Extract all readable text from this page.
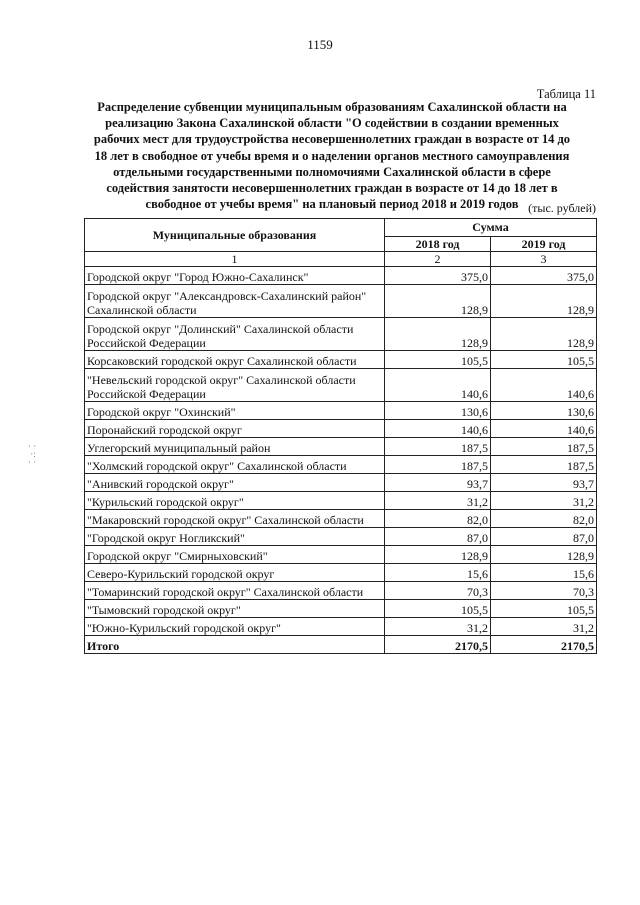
1159
Таблица 11

Распределение субвенции муниципальным образованиям Сахалинской области на реализацию Закона Сахалинской области "О содействии в создании временных рабочих мест для трудоустройства несовершеннолетних граждан в возрасте от 14 до 18 лет в свободное от учебы время и о наделении органов местного самоуправления отдельными государственными полномочиями Сахалинской области в сфере содействия занятости несовершеннолетних граждан в возрасте от 14 до 18 лет в свободное от учебы время" на плановый период 2018 и 2019 годов (тыс. рублей)
· ·
·:
· ·
Муниципальные образования	Сумма	
	2018 год	2019 год
1	2	3
Городской округ "Город Южно-Сахалинск"	375,0	375,0
Городской округ "Александровск-Сахалинский район" Сахалинской области	128,9	128,9
Городской округ "Долинский" Сахалинской области Российской Федерации	128,9	128,9
Корсаковский городской округ Сахалинской области	105,5	105,5
"Невельский городской округ" Сахалинской области Российской Федерации	140,6	140,6
Городской округ "Охинский"	130,6	130,6
Поронайский городской округ	140,6	140,6
Углегорский муниципальный район	187,5	187,5
"Холмский городской округ" Сахалинской области	187,5	187,5
"Анивский городской округ"	93,7	93,7
"Курильский городской округ"	31,2	31,2
"Макаровский городской округ" Сахалинской области	82,0	82,0
"Городской округ Ногликский"	87,0	87,0
Городской округ "Смирныховский"	128,9	128,9
Северо-Курильский городской округ	15,6	15,6
"Томаринский городской округ" Сахалинской области	70,3	70,3
"Тымовский городской округ"	105,5	105,5
"Южно-Курильский городской округ"	31,2	31,2
Итого	2170,5	2170,5
